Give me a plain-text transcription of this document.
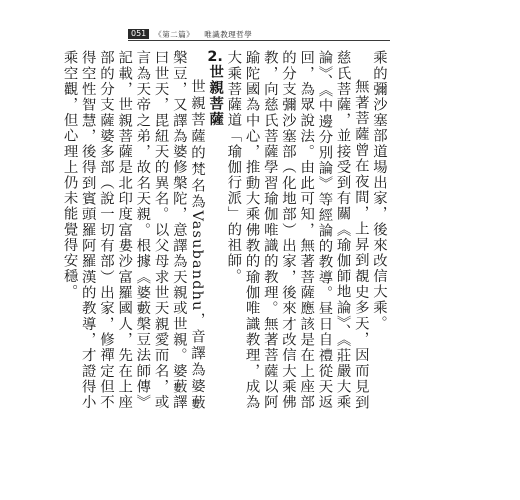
051	《第二篇》 唯識教理哲學

乘的彌沙塞部道場出家，後來改信大乘。

無著菩薩曾在夜間，上昇到覩史多天，因而見到慈氏菩薩，並接受到有關《瑜伽師地論》、《莊嚴大乘論》、《中邊分別論》等經論的教導。昼日自禮從天返回，為眾說法。由此可知，無著菩薩應該是在上座部的分支彌沙塞部（化地部）出家，後來才改信大乘佛教，向慈氏菩薩學習瑜伽唯識的教理。無著菩薩以阿踰陀國為中心，推動大乘佛教的瑜伽唯識教理，成為大乘菩薩道「瑜伽行派」的祖師。

2.世親菩薩

世親菩薩的梵名為Vasubandhu，音譯為婆藪槃豆，又譯為婆修槃陀，意譯為天親或世親。婆藪譯曰世天，毘紐天的異名。以父母求世天親愛而名，或言為天帝之弟，故名天親。根據《婆藪槃豆法師傳》記載，世親菩薩是北印度富婁沙富羅國人，先在上座部的分支薩婆多部（說一切有部）出家，修禪定但不得空性智慧，後得到賓頭羅阿羅漢的教導，才證得小乘空觀，但心理上仍未能覺得安穩。
